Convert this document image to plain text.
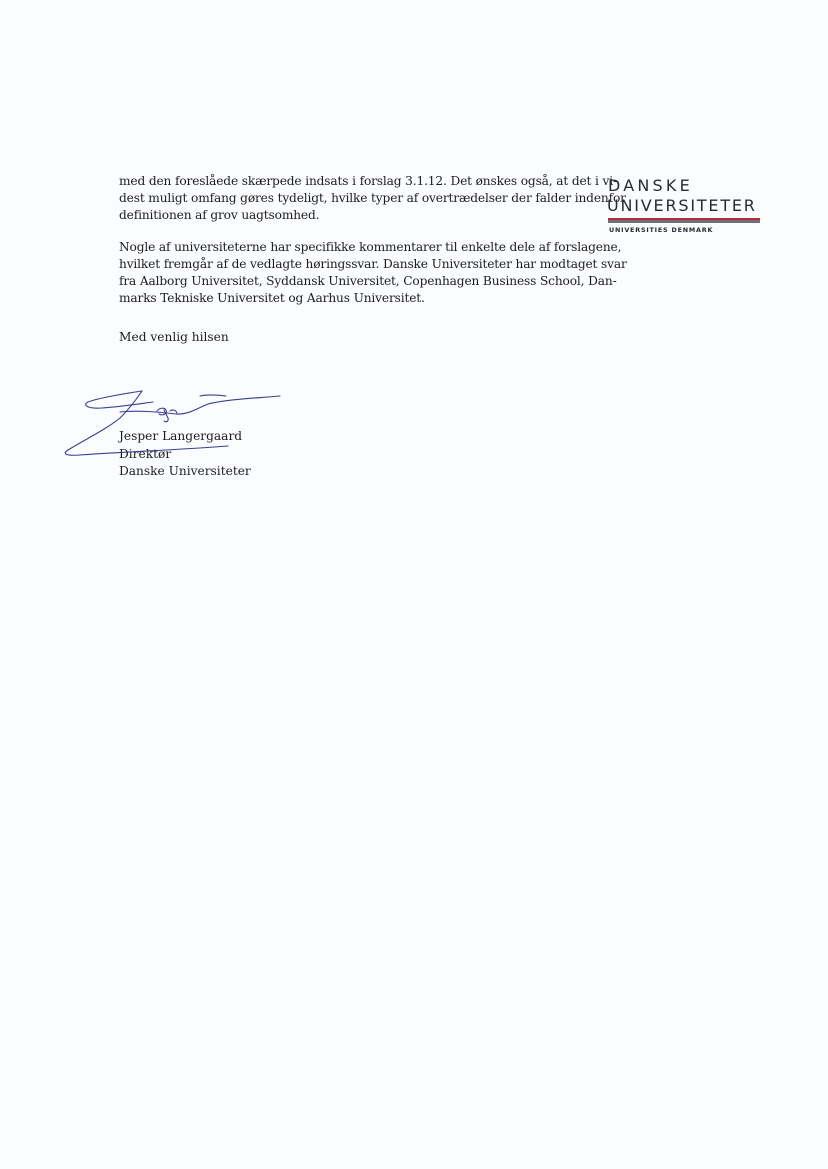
med den foreslåede skærpede indsats i forslag 3.1.12. Det ønskes også, at det i vi-
dest muligt omfang gøres tydeligt, hvilke typer af overtrædelser der falder indenfor
definitionen af grov uagtsomhed.

Nogle af universiteterne har specifikke kommentarer til enkelte dele af forslagene,
hvilket fremgår af de vedlagte høringssvar. Danske Universiteter har modtaget svar
fra Aalborg Universitet, Syddansk Universitet, Copenhagen Business School, Dan-
marks Tekniske Universitet og Aarhus Universitet.

Med venlig hilsen
Jesper Langergaard
Direktør
Danske Universiteter
DANSKE
UNIVERSITETER
UNIVERSITIES DENMARK
